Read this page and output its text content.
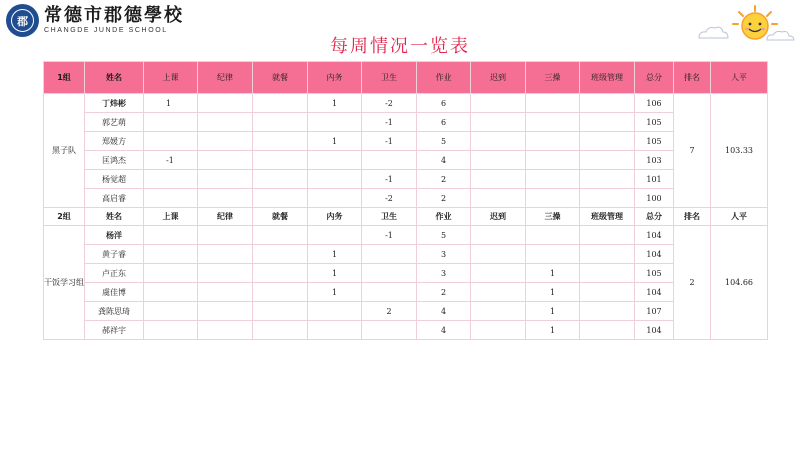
郡 常德市郡德學校
CHANGDE JUNDE SCHOOL
每周情况一览表
1组	姓名	上课	纪律	就餐	内务	卫生	作业	迟到	三操	班级管理	总分	排名	人平
黑子队	丁炜彬	1			1	-2	6				106	7	103.33
	郭艺萌					-1	6				105		
	郑媛方				1	-1	5				105		
	匡鸿杰	-1					4				103		
	杨觉超					-1	2				101		
	高启睿					-2	2				100		
2组	姓名	上课	纪律	就餐	内务	卫生	作业	迟到	三操	班级管理	总分	排名	人平
干饭学习组	杨洋					-1	5				104	2	104.66
	黄子睿				1		3				104		
	卢正东				1		3		1		105		
	虞佳博				1		2		1		104		
	龚陈思琦					2	4		1		107		
	郝祥宇						4		1		104		
